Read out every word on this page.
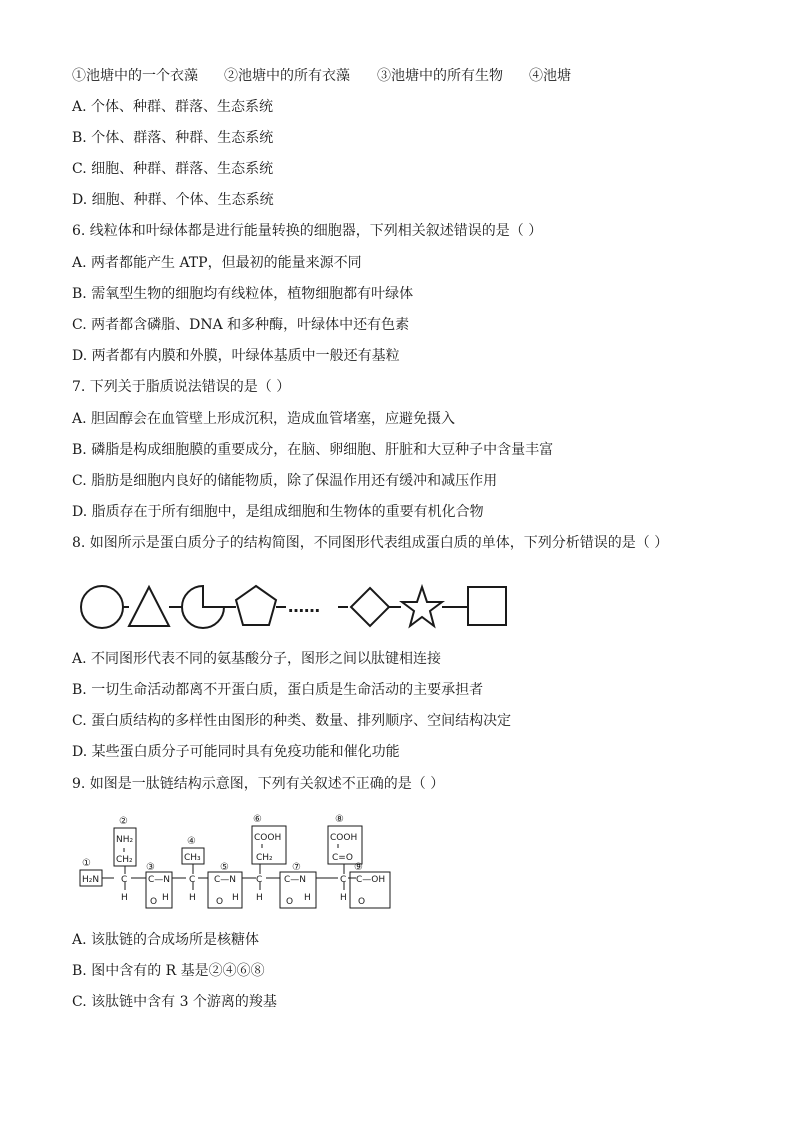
①池塘中的一个衣藻 ②池塘中的所有衣藻 ③池塘中的所有生物 ④池塘
A. 个体、种群、群落、生态系统
B. 个体、群落、种群、生态系统
C. 细胞、种群、群落、生态系统
D. 细胞、种群、个体、生态系统
6. 线粒体和叶绿体都是进行能量转换的细胞器，下列相关叙述错误的是（ ）
A. 两者都能产生 ATP，但最初的能量来源不同
B. 需氧型生物的细胞均有线粒体，植物细胞都有叶绿体
C. 两者都含磷脂、DNA 和多种酶，叶绿体中还有色素
D. 两者都有内膜和外膜，叶绿体基质中一般还有基粒
7. 下列关于脂质说法错误的是（ ）
A. 胆固醇会在血管壁上形成沉积，造成血管堵塞，应避免摄入
B. 磷脂是构成细胞膜的重要成分，在脑、卵细胞、肝脏和大豆种子中含量丰富
C. 脂肪是细胞内良好的储能物质，除了保温作用还有缓冲和减压作用
D. 脂质存在于所有细胞中，是组成细胞和生物体的重要有机化合物
8. 如图所示是蛋白质分子的结构简图，不同图形代表组成蛋白质的单体，下列分析错误的是（ ）
……
A. 不同图形代表不同的氨基酸分子，图形之间以肽键相连接
B. 一切生命活动都离不开蛋白质，蛋白质是生命活动的主要承担者
C. 蛋白质结构的多样性由图形的种类、数量、排列顺序、空间结构决定
D. 某些蛋白质分子可能同时具有免疫功能和催化功能
9. 如图是一肽链结构示意图，下列有关叙述不正确的是（ ）
①
②
③
④
⑤
⑥
⑦
⑧
⑨
H₂N
NH₂
CH₂	CH₃
COOH
CH₂
COOH
C=O
C—N	C—N	C—N	C—OH
C	C	C	C
H	H	H	H
H	H	H
O	O	O	O
A. 该肽链的合成场所是核糖体
B. 图中含有的 R 基是②④⑥⑧
C. 该肽链中含有 3 个游离的羧基
